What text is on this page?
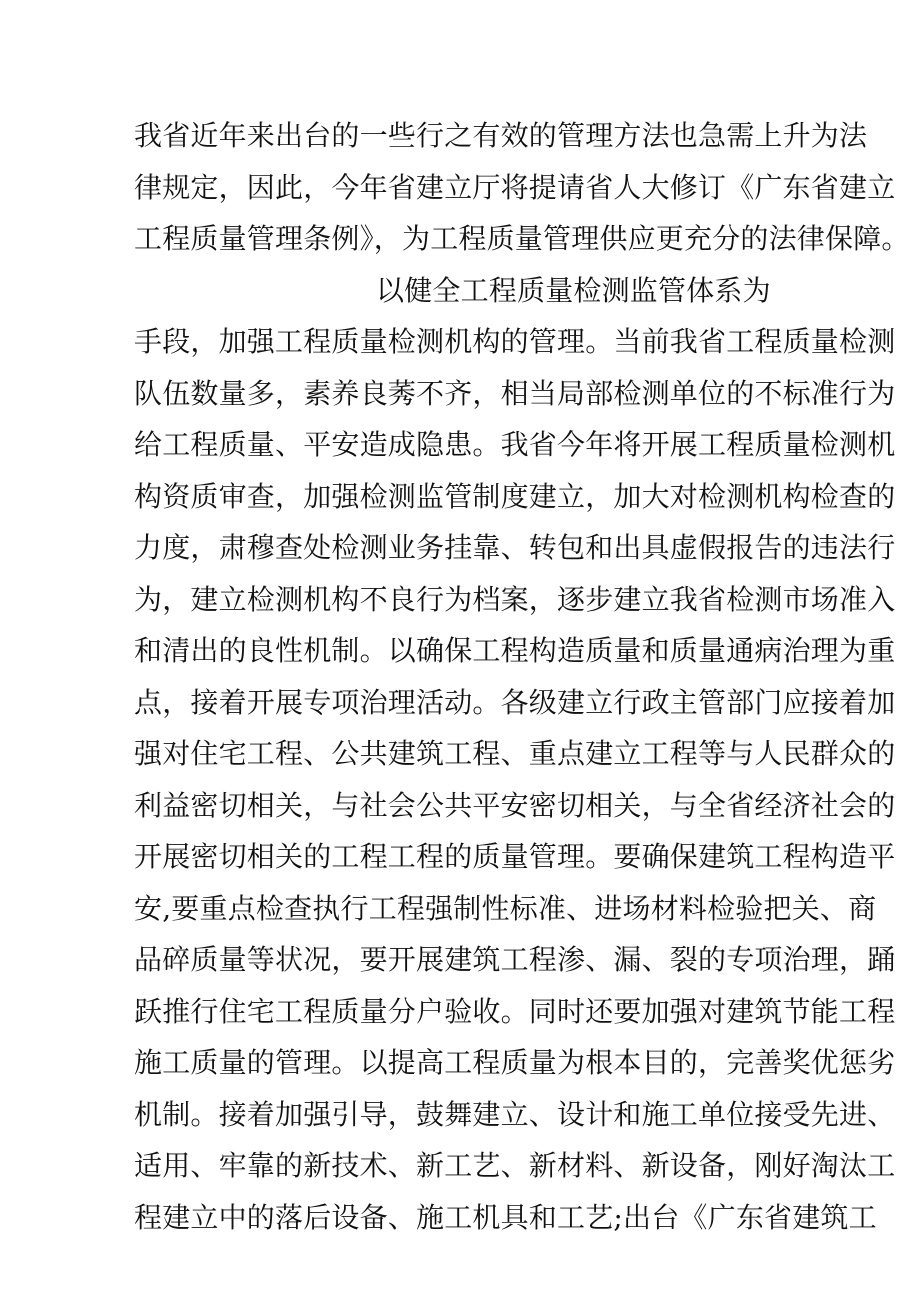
我省近年来出台的一些行之有效的管理方法也急需上升为法
律规定，因此，今年省建立厅将提请省人大修订《广东省建立
工程质量管理条例》，为工程质量管理供应更充分的法律保障。
以健全工程质量检测监管体系为
手段，加强工程质量检测机构的管理。当前我省工程质量检测
队伍数量多，素养良莠不齐，相当局部检测单位的不标准行为
给工程质量、平安造成隐患。我省今年将开展工程质量检测机
构资质审查，加强检测监管制度建立，加大对检测机构检查的
力度，肃穆查处检测业务挂靠、转包和出具虚假报告的违法行
为，建立检测机构不良行为档案，逐步建立我省检测市场准入
和清出的良性机制。以确保工程构造质量和质量通病治理为重
点，接着开展专项治理活动。各级建立行政主管部门应接着加
强对住宅工程、公共建筑工程、重点建立工程等与人民群众的
利益密切相关，与社会公共平安密切相关，与全省经济社会的
开展密切相关的工程工程的质量管理。要确保建筑工程构造平
安,要重点检查执行工程强制性标准、进场材料检验把关、商
品碎质量等状况，要开展建筑工程渗、漏、裂的专项治理，踊
跃推行住宅工程质量分户验收。同时还要加强对建筑节能工程
施工质量的管理。以提高工程质量为根本目的，完善奖优惩劣
机制。接着加强引导，鼓舞建立、设计和施工单位接受先进、
适用、牢靠的新技术、新工艺、新材料、新设备，刚好淘汰工
程建立中的落后设备、施工机具和工艺;出台《广东省建筑工
